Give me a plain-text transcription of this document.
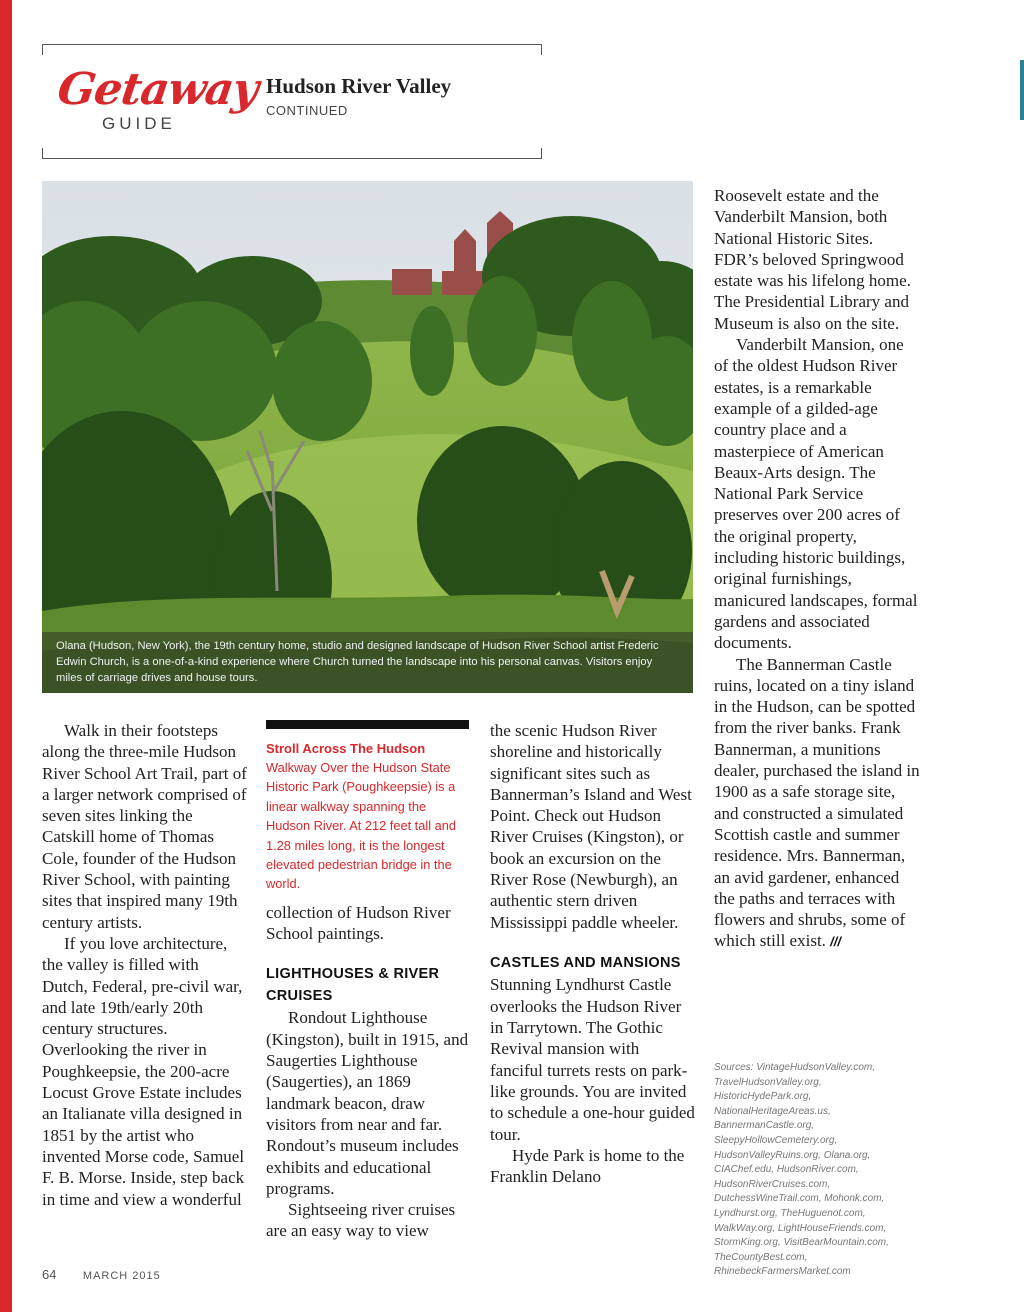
Getaway
GUIDE
Hudson River Valley
CONTINUED
Olana (Hudson, New York), the 19th century home, studio and designed landscape of Hudson River School artist Frederic Edwin Church, is a one-of-a-kind experience where Church turned the landscape into his personal canvas. Visitors enjoy miles of carriage drives and house tours.

Walk in their footsteps along the three-mile Hudson River School Art Trail, part of a larger network comprised of seven sites linking the Catskill home of Thomas Cole, founder of the Hudson River School, with painting sites that inspired many 19th century artists.

If you love architecture, the valley is filled with Dutch, Federal, pre-civil war, and late 19th/early 20th century structures. Overlooking the river in Poughkeepsie, the 200-acre Locust Grove Estate includes an Italianate villa designed in 1851 by the artist who invented Morse code, Samuel F. B. Morse. Inside, step back in time and view a wonderful

Stroll Across The Hudson

Walkway Over the Hudson State Historic Park (Poughkeepsie) is a linear walkway spanning the Hudson River. At 212 feet tall and 1.28 miles long, it is the longest elevated pedestrian bridge in the world.

collection of Hudson River School paintings.

LIGHTHOUSES & RIVER CRUISES

Rondout Lighthouse (Kingston), built in 1915, and Saugerties Lighthouse (Saugerties), an 1869 landmark beacon, draw visitors from near and far. Rondout’s museum includes exhibits and educational programs.

Sightseeing river cruises are an easy way to view

the scenic Hudson River shoreline and historically significant sites such as Bannerman’s Island and West Point. Check out Hudson River Cruises (Kingston), or book an excursion on the River Rose (Newburgh), an authentic stern driven Mississippi paddle wheeler.

CASTLES AND MANSIONS

Stunning Lyndhurst Castle overlooks the Hudson River in Tarrytown. The Gothic Revival mansion with fanciful turrets rests on park-like grounds. You are invited to schedule a one-hour guided tour.

Hyde Park is home to the Franklin Delano

Roosevelt estate and the Vanderbilt Mansion, both National Historic Sites. FDR’s beloved Springwood estate was his lifelong home. The Presidential Library and Museum is also on the site.

Vanderbilt Mansion, one of the oldest Hudson River estates, is a remarkable example of a gilded-age country place and a masterpiece of American Beaux-Arts design. The National Park Service preserves over 200 acres of the original property, including historic buildings, original furnishings, manicured landscapes, formal gardens and associated documents.

The Bannerman Castle ruins, located on a tiny island in the Hudson, can be spotted from the river banks. Frank Bannerman, a munitions dealer, purchased the island in 1900 as a safe storage site, and constructed a simulated Scottish castle and summer residence. Mrs. Bannerman, an avid gardener, enhanced the paths and terraces with flowers and shrubs, some of which still exist. ///

Sources: VintageHudsonValley.com, TravelHudsonValley.org, HistoricHydePark.org, NationalHeritageAreas.us, BannermanCastle.org, SleepyHollowCemetery.org, HudsonValleyRuins.org, Olana.org, CIAChef.edu, HudsonRiver.com, HudsonRiverCruises.com, DutchessWineTrail.com, Mohonk.com, Lyndhurst.org, TheHuguenot.com, WalkWay.org, LightHouseFriends.com, StormKing.org, VisitBearMountain.com, TheCountyBest.com, RhinebeckFarmersMarket.com
64 MARCH 2015
